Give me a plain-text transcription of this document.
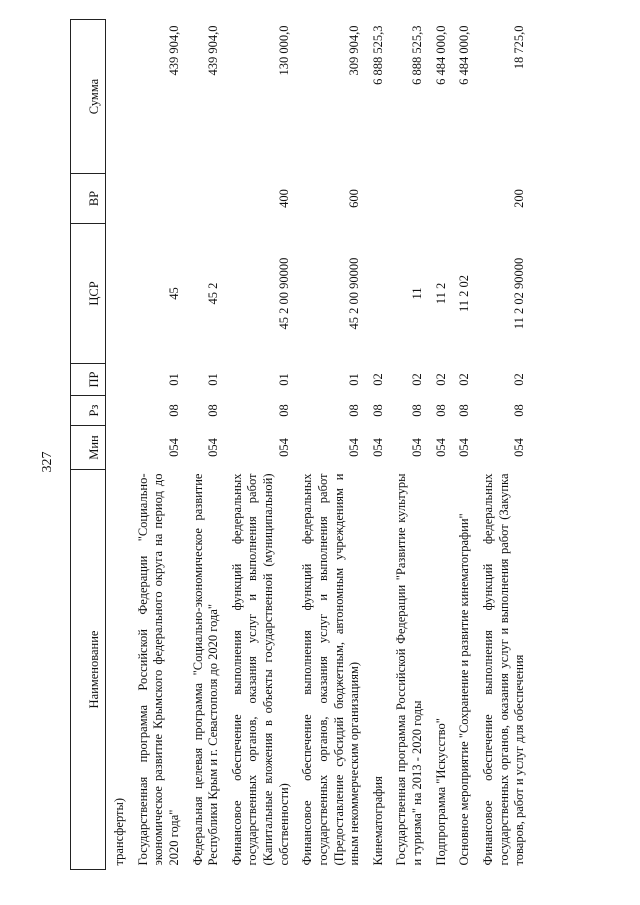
327
Наименование	Мин	Рз	ПР	ЦСР	ВР	Сумма
трансферты)						
Государственная программа Российской Федерации "Социально-экономическое развитие Крымского федерального округа на период до 2020 года"	054	08	01	45		439 904,0
Федеральная целевая программа "Социально-экономическое развитие Республики Крым и г. Севастополя до 2020 года"	054	08	01	45 2		439 904,0
Финансовое обеспечение выполнения функций федеральных государственных органов, оказания услуг и выполнения работ (Капитальные вложения в объекты государственной (муниципальной) собственности)	054	08	01	45 2 00 90000	400	130 000,0
Финансовое обеспечение выполнения функций федеральных государственных органов, оказания услуг и выполнения работ (Предоставление субсидий бюджетным, автономным учреждениям и иным некоммерческим организациям)	054	08	01	45 2 00 90000	600	309 904,0
Кинематография	054	08	02			6 888 525,3
Государственная программа Российской Федерации "Развитие культуры и туризма" на 2013 - 2020 годы	054	08	02	11		6 888 525,3
Подпрограмма "Искусство"	054	08	02	11 2		6 484 000,0
Основное мероприятие "Сохранение и развитие кинематографии"	054	08	02	11 2 02		6 484 000,0
Финансовое обеспечение выполнения функций федеральных государственных органов, оказания услуг и выполнения работ (Закупка товаров, работ и услуг для обеспечения	054	08	02	11 2 02 90000	200	18 725,0
